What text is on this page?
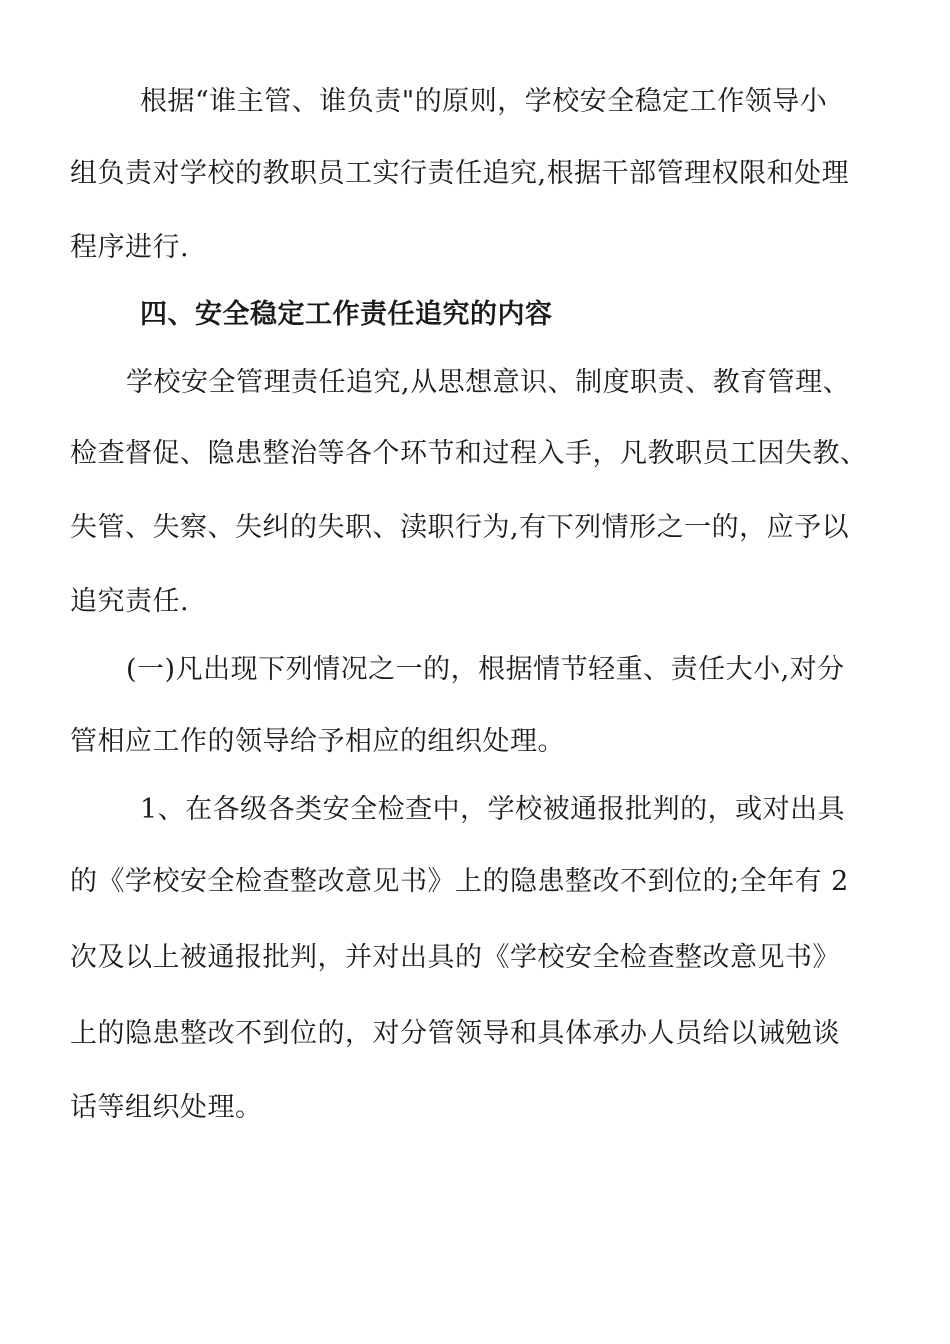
根据“谁主管、谁负责"的原则，学校安全稳定工作领导小
组负责对学校的教职员工实行责任追究,根据干部管理权限和处理
程序进行.
四、安全稳定工作责任追究的内容
学校安全管理责任追究,从思想意识、制度职责、教育管理、
检查督促、隐患整治等各个环节和过程入手，凡教职员工因失教、
失管、失察、失纠的失职、渎职行为,有下列情形之一的，应予以
追究责任.
(一)凡出现下列情况之一的，根据情节轻重、责任大小,对分
管相应工作的领导给予相应的组织处理。
1、在各级各类安全检查中，学校被通报批判的，或对出具
的《学校安全检查整改意见书》上的隐患整改不到位的;全年有 2
次及以上被通报批判，并对出具的《学校安全检查整改意见书》
上的隐患整改不到位的，对分管领导和具体承办人员给以诫勉谈
话等组织处理。
